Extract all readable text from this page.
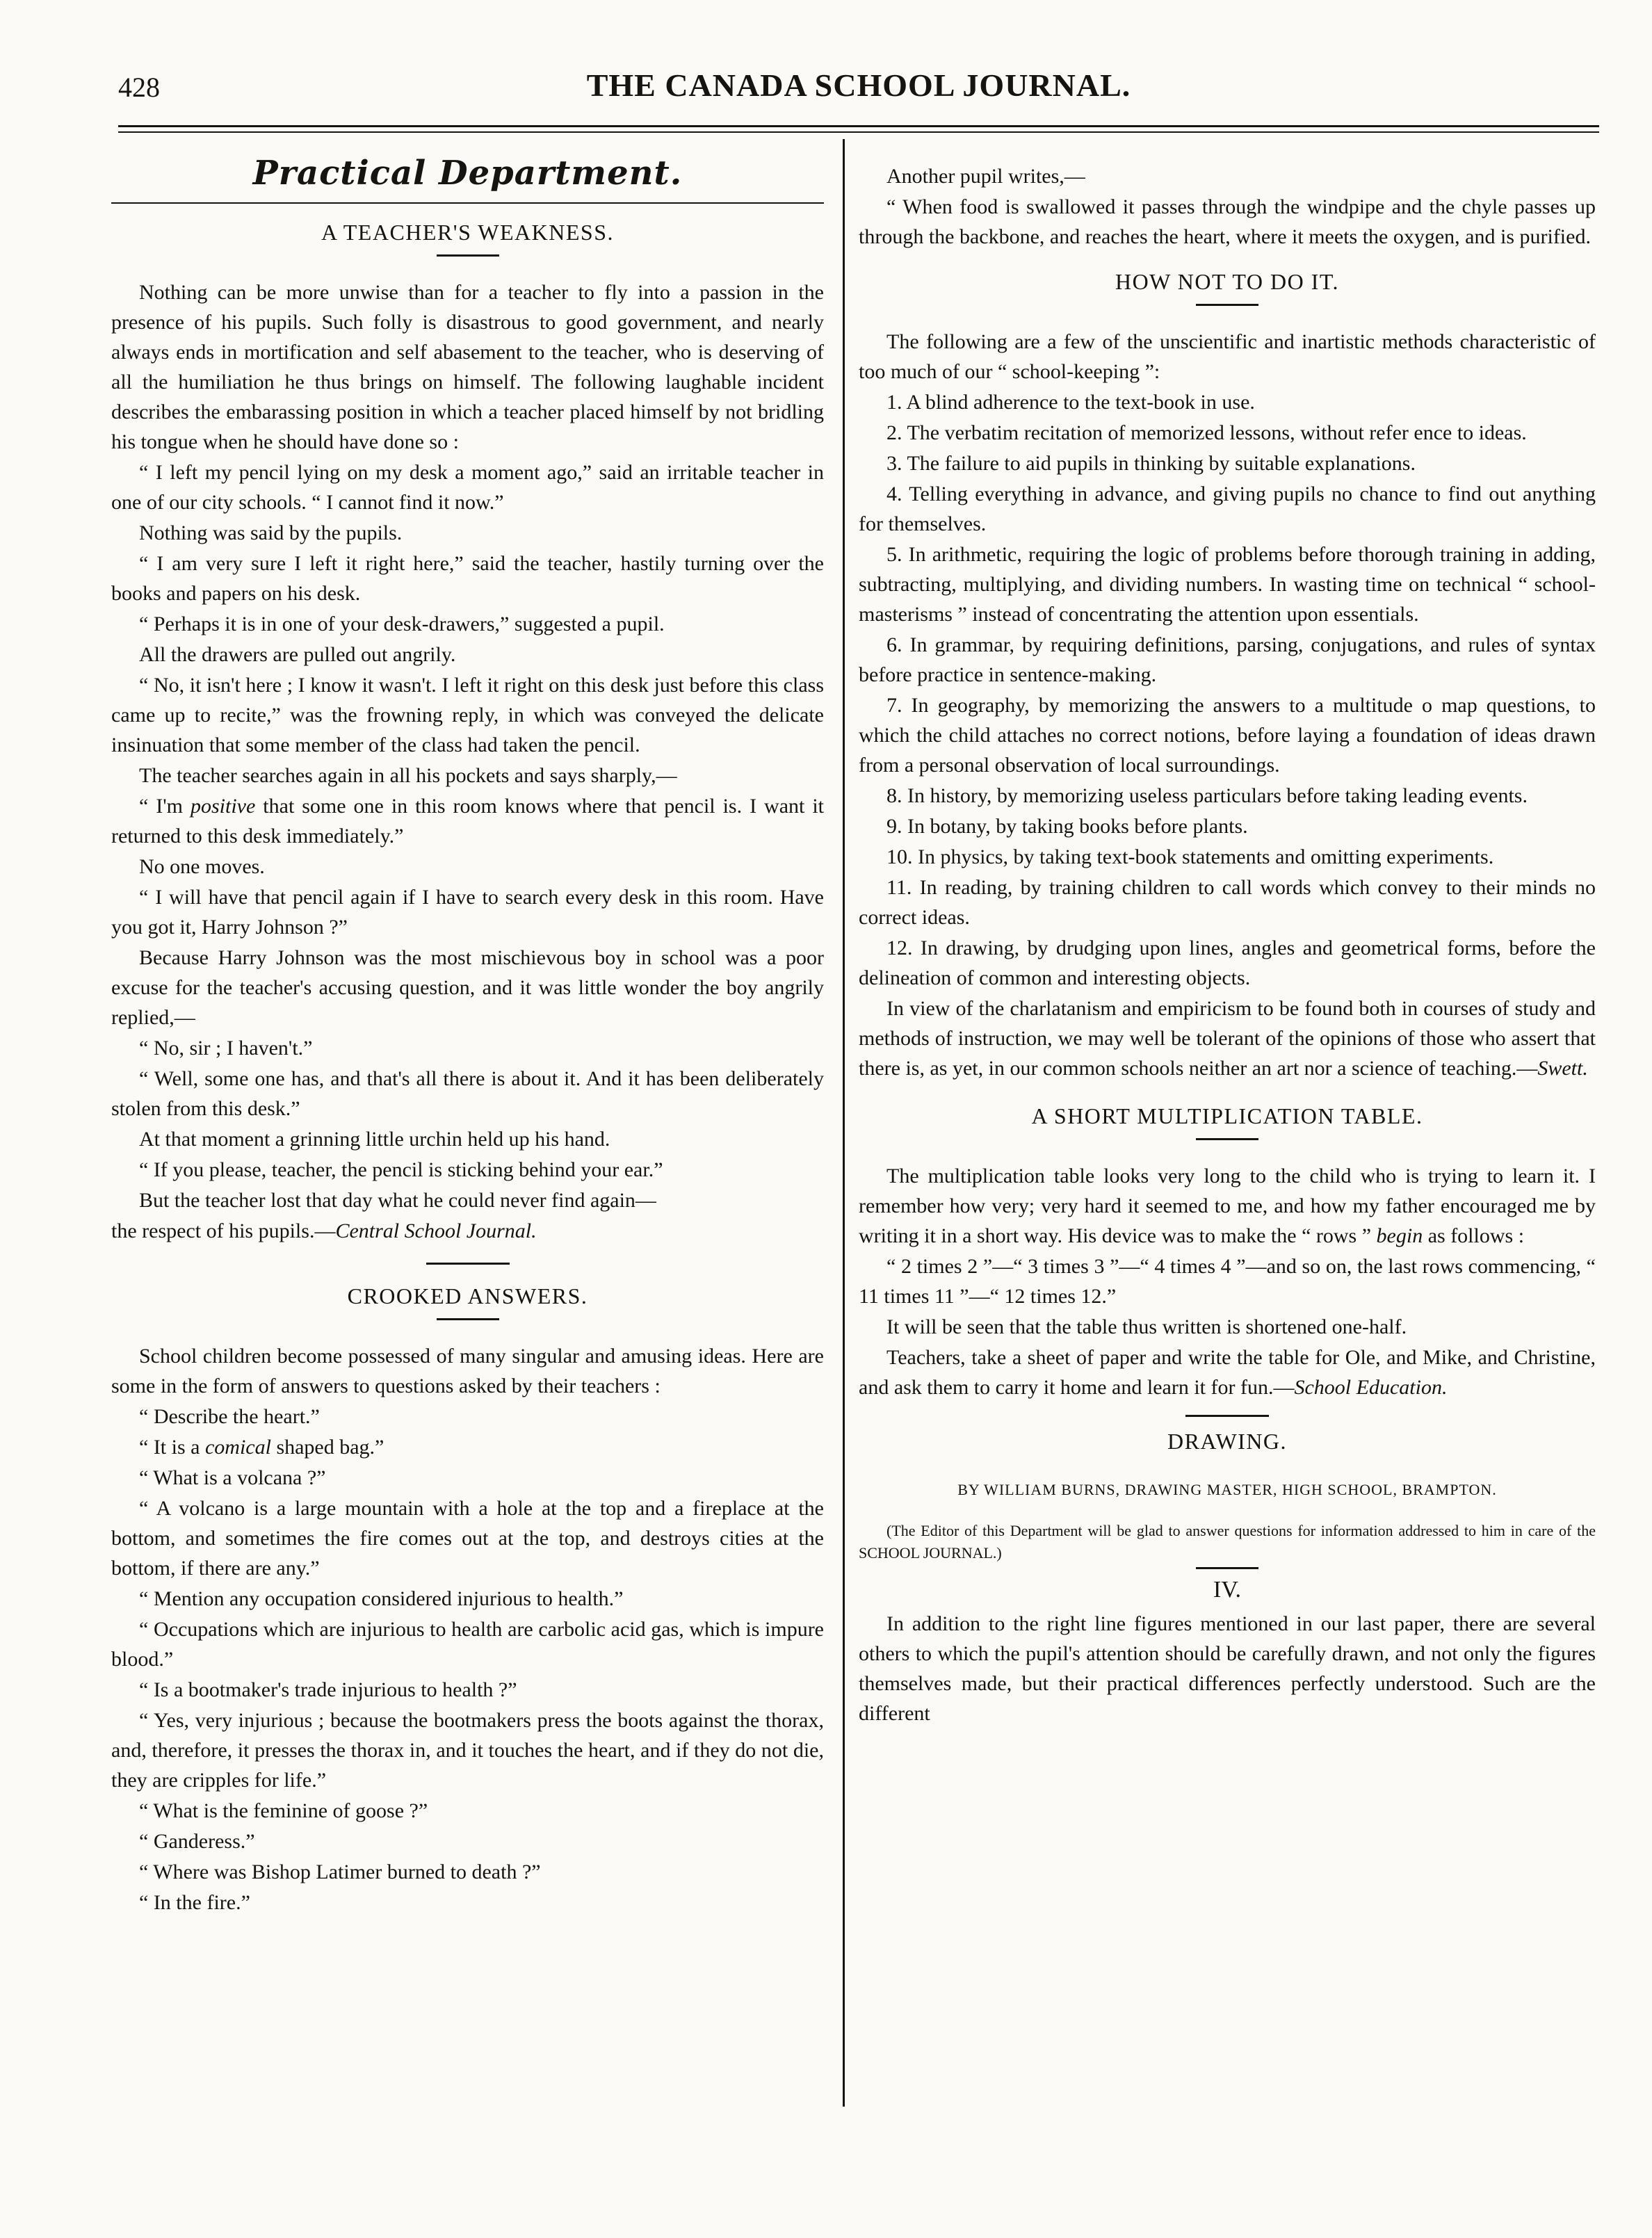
428	THE CANADA SCHOOL JOURNAL.
Practical Department.
A TEACHER'S WEAKNESS.

Nothing can be more unwise than for a teacher to fly into a passion in the presence of his pupils. Such folly is disastrous to good government, and nearly always ends in mortification and self abasement to the teacher, who is deserving of all the humiliation he thus brings on himself. The following laughable incident describes the embarassing position in which a teacher placed himself by not bridling his tongue when he should have done so :

“ I left my pencil lying on my desk a moment ago,” said an irritable teacher in one of our city schools. “ I cannot find it now.”

Nothing was said by the pupils.

“ I am very sure I left it right here,” said the teacher, hastily turning over the books and papers on his desk.

“ Perhaps it is in one of your desk-drawers,” suggested a pupil.

All the drawers are pulled out angrily.

“ No, it isn't here ; I know it wasn't. I left it right on this desk just before this class came up to recite,” was the frowning reply, in which was conveyed the delicate insinuation that some member of the class had taken the pencil.

The teacher searches again in all his pockets and says sharply,—

“ I'm positive that some one in this room knows where that pencil is. I want it returned to this desk immediately.”

No one moves.

“ I will have that pencil again if I have to search every desk in this room. Have you got it, Harry Johnson ?”

Because Harry Johnson was the most mischievous boy in school was a poor excuse for the teacher's accusing question, and it was little wonder the boy angrily replied,—

“ No, sir ; I haven't.”

“ Well, some one has, and that's all there is about it. And it has been deliberately stolen from this desk.”

At that moment a grinning little urchin held up his hand.

“ If you please, teacher, the pencil is sticking behind your ear.”

But the teacher lost that day what he could never find again—

the respect of his pupils.—Central School Journal.

CROOKED ANSWERS.

School children become possessed of many singular and amusing ideas. Here are some in the form of answers to questions asked by their teachers :

“ Describe the heart.”

“ It is a comical shaped bag.”

“ What is a volcana ?”

“ A volcano is a large mountain with a hole at the top and a fireplace at the bottom, and sometimes the fire comes out at the top, and destroys cities at the bottom, if there are any.”

“ Mention any occupation considered injurious to health.”

“ Occupations which are injurious to health are carbolic acid gas, which is impure blood.”

“ Is a bootmaker's trade injurious to health ?”

“ Yes, very injurious ; because the bootmakers press the boots against the thorax, and, therefore, it presses the thorax in, and it touches the heart, and if they do not die, they are cripples for life.”

“ What is the feminine of goose ?”

“ Ganderess.”

“ Where was Bishop Latimer burned to death ?”

“ In the fire.”

Another pupil writes,—

“ When food is swallowed it passes through the windpipe and the chyle passes up through the backbone, and reaches the heart, where it meets the oxygen, and is purified.

HOW NOT TO DO IT.

The following are a few of the unscientific and inartistic methods characteristic of too much of our “ school-keeping ”:

1. A blind adherence to the text-book in use.

2. The verbatim recitation of memorized lessons, without refer ence to ideas.

3. The failure to aid pupils in thinking by suitable explanations.

4. Telling everything in advance, and giving pupils no chance to find out anything for themselves.

5. In arithmetic, requiring the logic of problems before thorough training in adding, subtracting, multiplying, and dividing numbers. In wasting time on technical “ school-masterisms ” instead of concentrating the attention upon essentials.

6. In grammar, by requiring definitions, parsing, conjugations, and rules of syntax before practice in sentence-making.

7. In geography, by memorizing the answers to a multitude o map questions, to which the child attaches no correct notions, before laying a foundation of ideas drawn from a personal observation of local surroundings.

8. In history, by memorizing useless particulars before taking leading events.

9. In botany, by taking books before plants.

10. In physics, by taking text-book statements and omitting experiments.

11. In reading, by training children to call words which convey to their minds no correct ideas.

12. In drawing, by drudging upon lines, angles and geometrical forms, before the delineation of common and interesting objects.

In view of the charlatanism and empiricism to be found both in courses of study and methods of instruction, we may well be tolerant of the opinions of those who assert that there is, as yet, in our common schools neither an art nor a science of teaching.—Swett.

A SHORT MULTIPLICATION TABLE.

The multiplication table looks very long to the child who is trying to learn it. I remember how very; very hard it seemed to me, and how my father encouraged me by writing it in a short way. His device was to make the “ rows ” begin as follows :

“ 2 times 2 ”—“ 3 times 3 ”—“ 4 times 4 ”—and so on, the last rows commencing, “ 11 times 11 ”—“ 12 times 12.”

It will be seen that the table thus written is shortened one-half.

Teachers, take a sheet of paper and write the table for Ole, and Mike, and Christine, and ask them to carry it home and learn it for fun.—School Education.

DRAWING.
BY WILLIAM BURNS, DRAWING MASTER, HIGH SCHOOL, BRAMPTON.

(The Editor of this Department will be glad to answer questions for information addressed to him in care of the SCHOOL JOURNAL.)

IV.

In addition to the right line figures mentioned in our last paper, there are several others to which the pupil's attention should be carefully drawn, and not only the figures themselves made, but their practical differences perfectly understood. Such are the different
